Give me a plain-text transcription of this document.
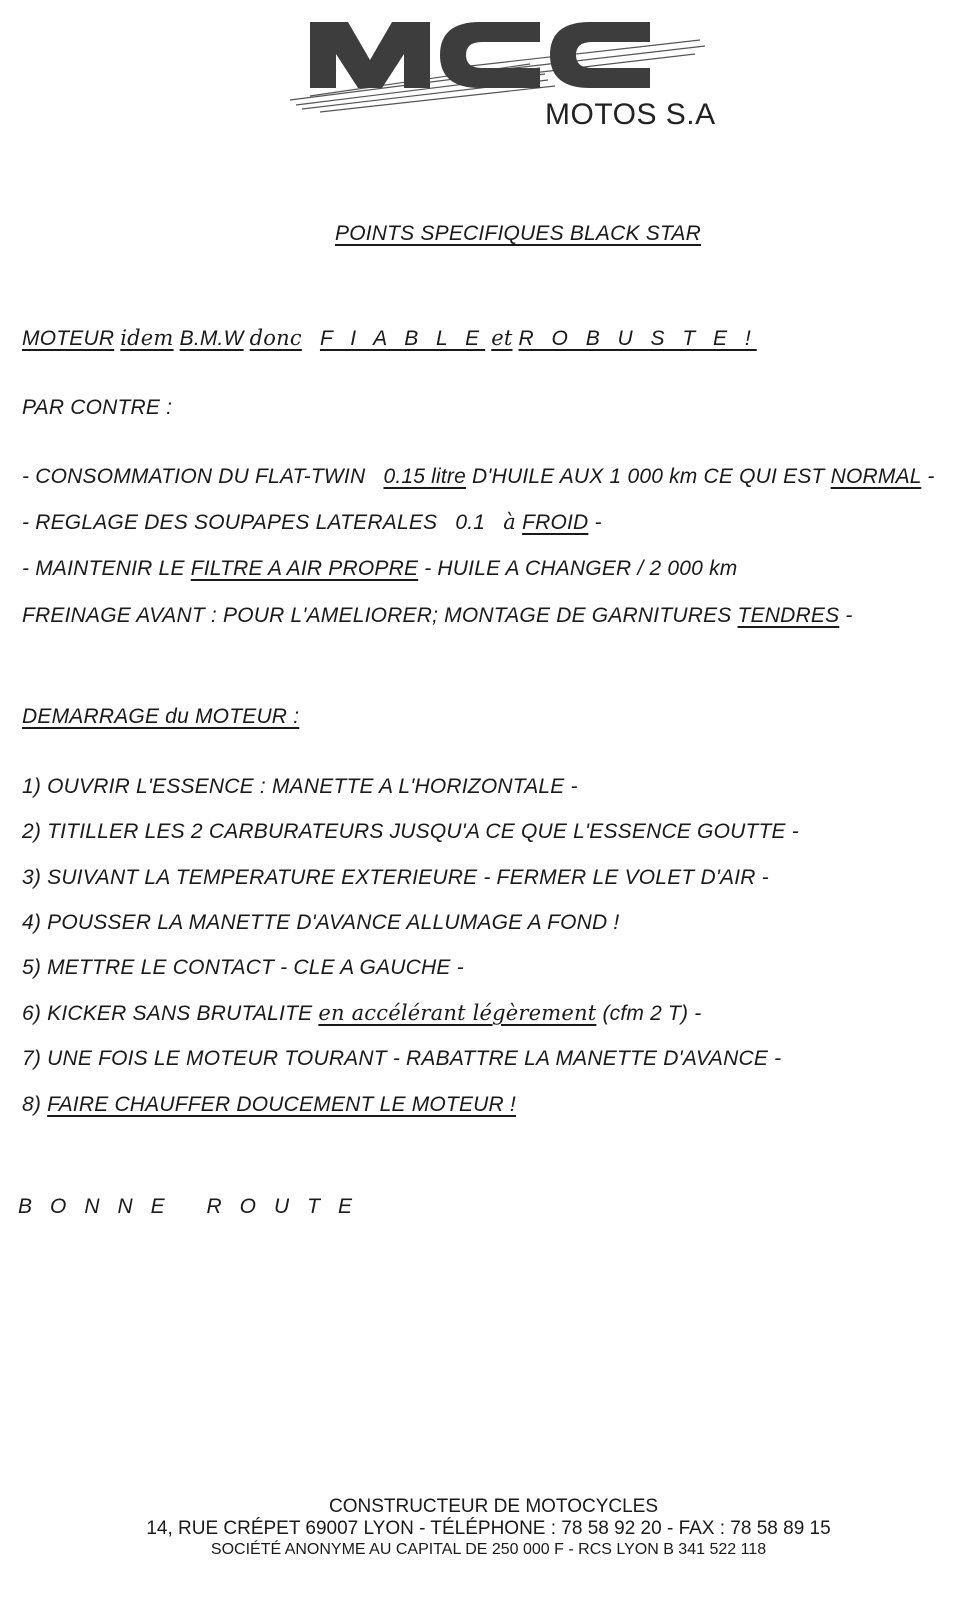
MOTOS S.A
POINTS SPECIFIQUES BLACK STAR
MOTEUR idem B.M.W donc F I A B L E et R O B U S T E !
PAR CONTRE :
- CONSOMMATION DU FLAT-TWIN 0.15 litre D'HUILE AUX 1 000 km CE QUI EST NORMAL -
- REGLAGE DES SOUPAPES LATERALES 0.1 à FROID -
- MAINTENIR LE FILTRE A AIR PROPRE - HUILE A CHANGER / 2 000 km
FREINAGE AVANT : POUR L'AMELIORER; MONTAGE DE GARNITURES TENDRES -
DEMARRAGE du MOTEUR :
1) OUVRIR L'ESSENCE : MANETTE A L'HORIZONTALE -
2) TITILLER LES 2 CARBURATEURS JUSQU'A CE QUE L'ESSENCE GOUTTE -
3) SUIVANT LA TEMPERATURE EXTERIEURE - FERMER LE VOLET D'AIR -
4) POUSSER LA MANETTE D'AVANCE ALLUMAGE A FOND !
5) METTRE LE CONTACT - CLE A GAUCHE -
6) KICKER SANS BRUTALITE en accélérant légèrement (cfm 2 T) -
7) UNE FOIS LE MOTEUR TOURANT - RABATTRE LA MANETTE D'AVANCE -
8) FAIRE CHAUFFER DOUCEMENT LE MOTEUR !
BONNE ROUTE
CONSTRUCTEUR DE MOTOCYCLES
14, RUE CRÉPET 69007 LYON - TÉLÉPHONE : 78 58 92 20 - FAX : 78 58 89 15
SOCIÉTÉ ANONYME AU CAPITAL DE 250 000 F - RCS LYON B 341 522 118
